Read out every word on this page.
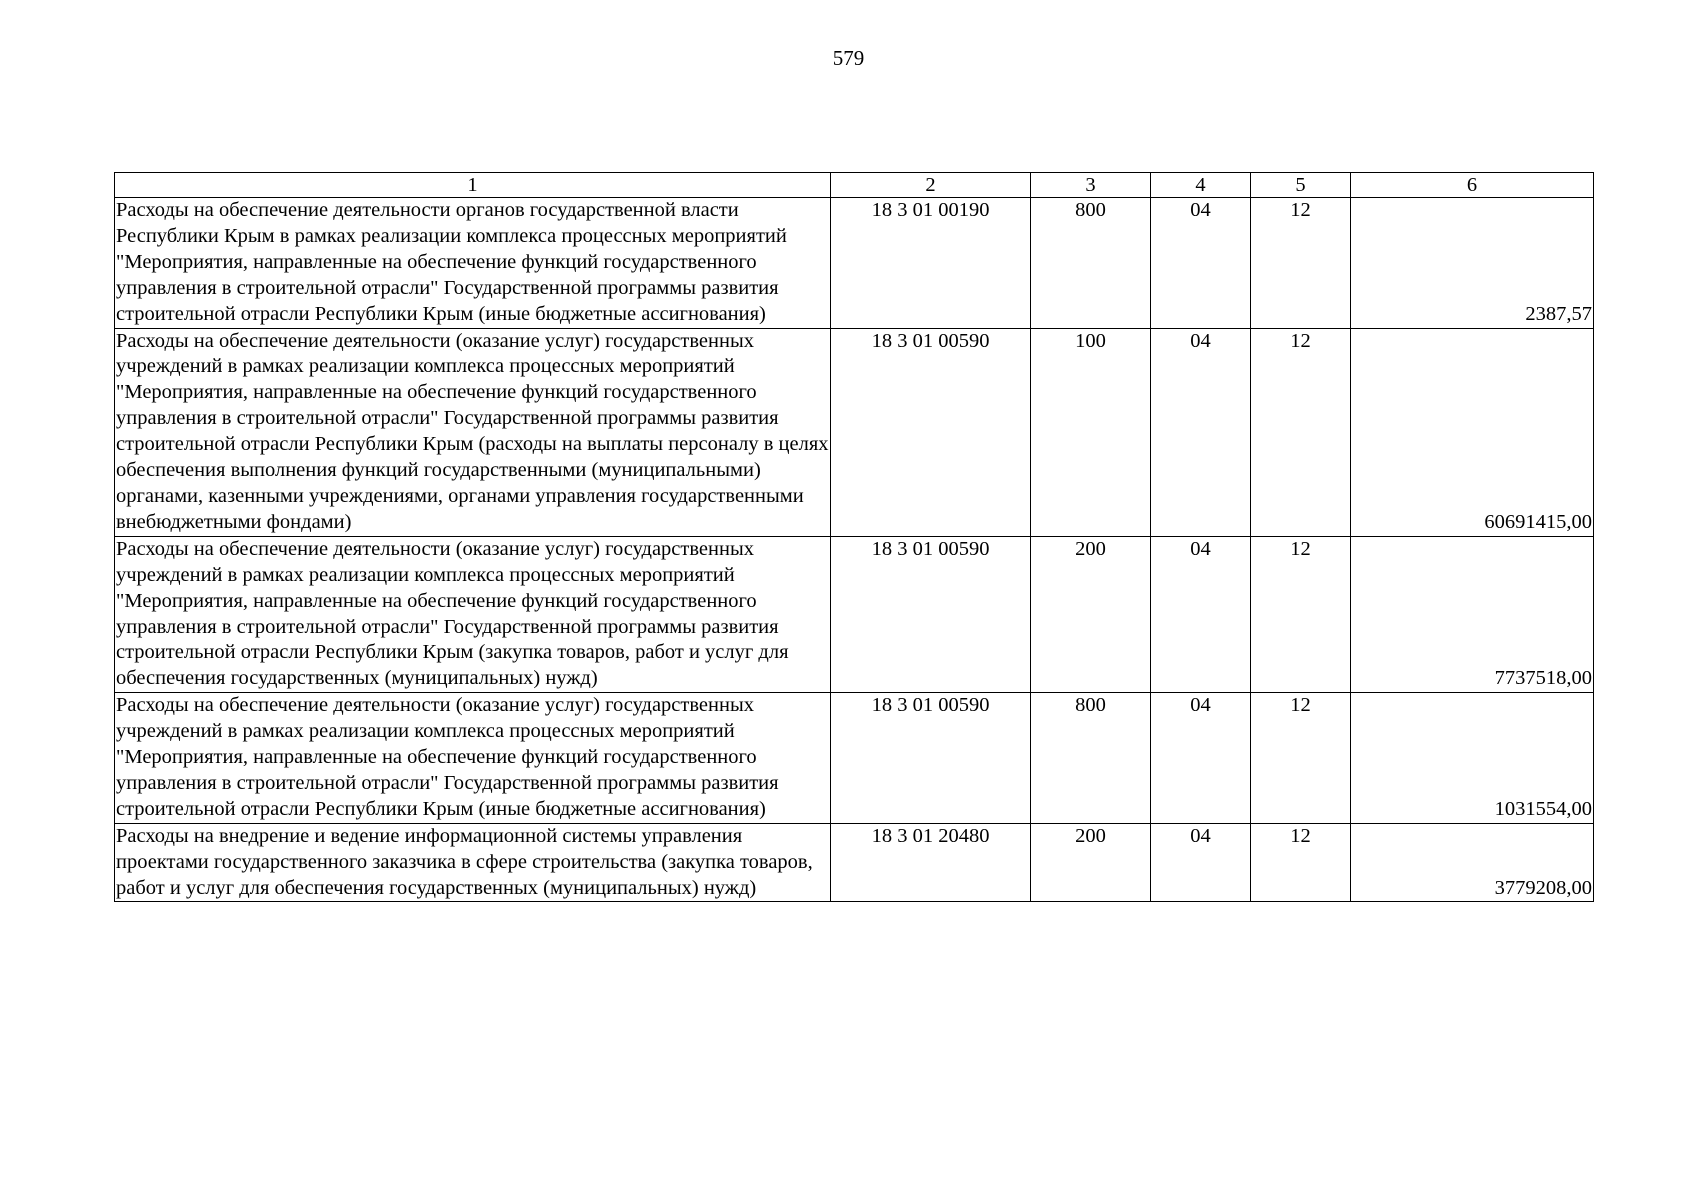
579
1	2	3	4	5	6
Расходы на обеспечение деятельности органов государственной власти Республики Крым в рамках реализации комплекса процессных мероприятий "Мероприятия, направленные на обеспечение функций государственного управления в строительной отрасли" Государственной программы развития строительной отрасли Республики Крым (иные бюджетные ассигнования)	18 3 01 00190	800	04	12	2387,57
Расходы на обеспечение деятельности (оказание услуг) государственных учреждений в рамках реализации комплекса процессных мероприятий "Мероприятия, направленные на обеспечение функций государственного управления в строительной отрасли" Государственной программы развития строительной отрасли Республики Крым (расходы на выплаты персоналу в целях обеспечения выполнения функций государственными (муниципальными) органами, казенными учреждениями, органами управления государственными внебюджетными фондами)	18 3 01 00590	100	04	12	60691415,00
Расходы на обеспечение деятельности (оказание услуг) государственных учреждений в рамках реализации комплекса процессных мероприятий "Мероприятия, направленные на обеспечение функций государственного управления в строительной отрасли" Государственной программы развития строительной отрасли Республики Крым (закупка товаров, работ и услуг для обеспечения государственных (муниципальных) нужд)	18 3 01 00590	200	04	12	7737518,00
Расходы на обеспечение деятельности (оказание услуг) государственных учреждений в рамках реализации комплекса процессных мероприятий "Мероприятия, направленные на обеспечение функций государственного управления в строительной отрасли" Государственной программы развития строительной отрасли Республики Крым (иные бюджетные ассигнования)	18 3 01 00590	800	04	12	1031554,00
Расходы на внедрение и ведение информационной системы управления проектами государственного заказчика в сфере строительства (закупка товаров, работ и услуг для обеспечения государственных (муниципальных) нужд)	18 3 01 20480	200	04	12	3779208,00
